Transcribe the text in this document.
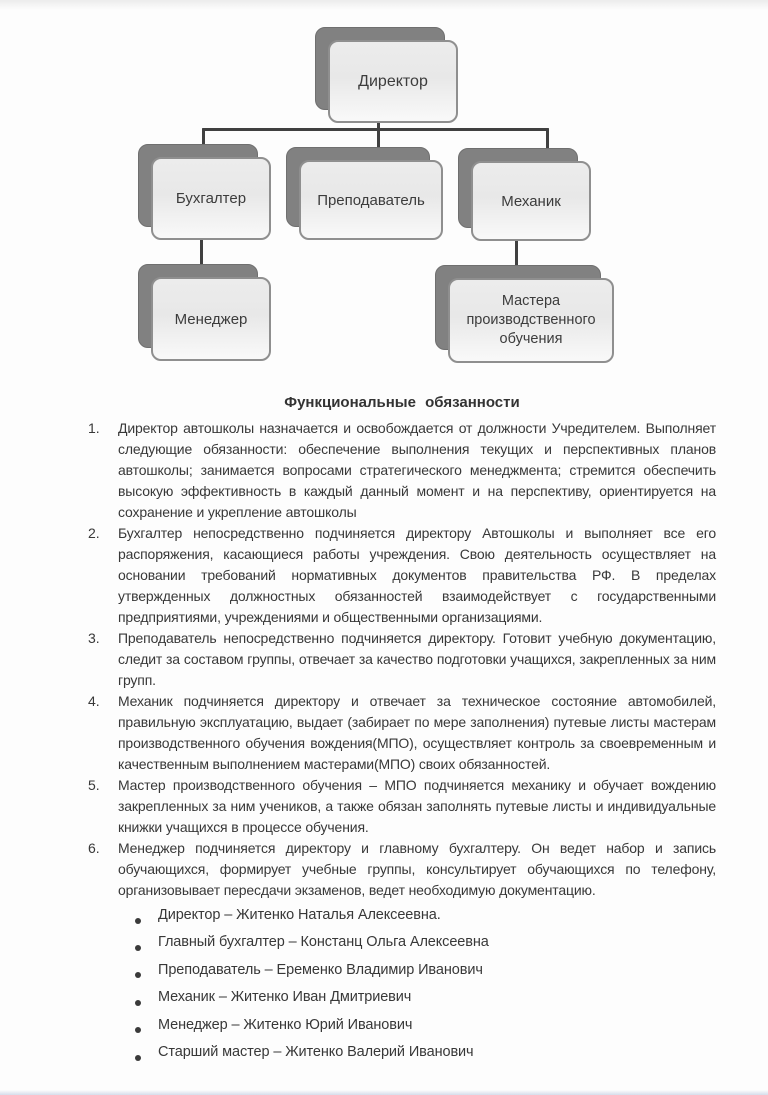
Директор
Бухгалтер	Преподаватель	Механик
Менеджер
Мастера производственного обучения
Функциональные обязанности
1.	Директор автошколы назначается и освобождается от должности Учредителем. Выполняет следующие обязанности: обеспечение выполнения текущих и перспективных планов автошколы; занимается вопросами стратегического менеджмента; стремится обеспечить высокую эффективность в каждый данный момент и на перспективу, ориентируется на сохранение и укрепление автошколы
2.	Бухгалтер непосредственно подчиняется директору Автошколы и выполняет все его распоряжения, касающиеся работы учреждения. Свою деятельность осуществляет на основании требований нормативных документов правительства РФ. В пределах утвержденных должностных обязанностей взаимодействует с государственными предприятиями, учреждениями и общественными организациями.
3.	Преподаватель непосредственно подчиняется директору. Готовит учебную документацию, следит за составом группы, отвечает за качество подготовки учащихся, закрепленных за ним групп.
4.	Механик подчиняется директору и отвечает за техническое состояние автомобилей, правильную эксплуатацию, выдает (забирает по мере заполнения) путевые листы мастерам производственного обучения вождения(МПО), осуществляет контроль за своевременным и качественным выполнением мастерами(МПО) своих обязанностей.
5.	Мастер производственного обучения – МПО подчиняется механику и обучает вождению закрепленных за ним учеников, а также обязан заполнять путевые листы и индивидуальные книжки учащихся в процессе обучения.
6.	Менеджер подчиняется директору и главному бухгалтеру. Он ведет набор и запись обучающихся, формирует учебные группы, консультирует обучающихся по телефону, организовывает пересдачи экзаменов, ведет необходимую документацию.
Директор – Житенко Наталья Алексеевна.
Главный бухгалтер – Констанц Ольга Алексеевна
Преподаватель – Еременко Владимир Иванович
Механик – Житенко Иван Дмитриевич
Менеджер – Житенко Юрий Иванович
Старший мастер – Житенко Валерий Иванович
